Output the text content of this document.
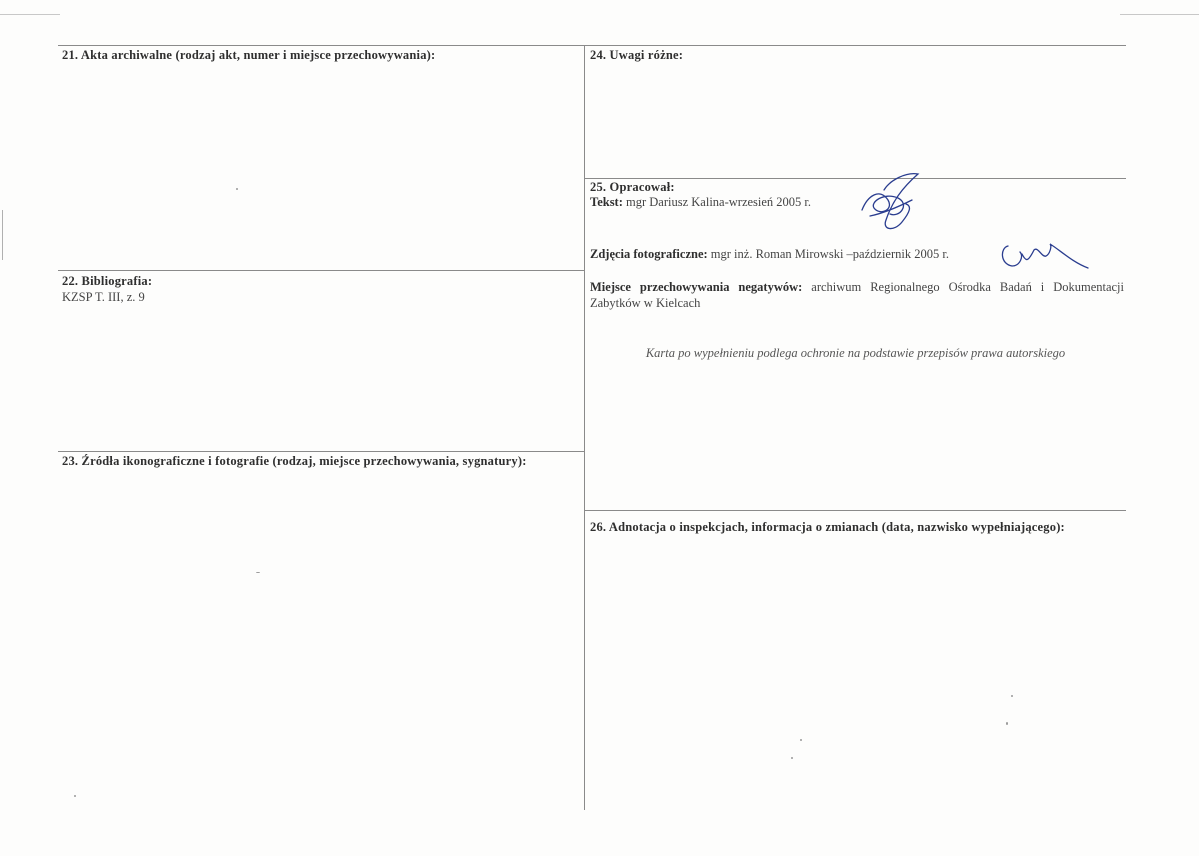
21. Akta archiwalne (rodzaj akt, numer i miejsce przechowywania):
22. Bibliografia:
KZSP T. III, z. 9
23. Źródła ikonograficzne i fotografie (rodzaj, miejsce przechowywania, sygnatury):
24. Uwagi różne:
25. Opracował:
Tekst: mgr Dariusz Kalina-wrzesień 2005 r.
Zdjęcia fotograficzne: mgr inż. Roman Mirowski –październik 2005 r.
Miejsce przechowywania negatywów: archiwum Regionalnego Ośrodka Badań i Dokumentacji Zabytków w Kielcach
Karta po wypełnieniu podlega ochronie na podstawie przepisów prawa autorskiego
26. Adnotacja o inspekcjach, informacja o zmianach (data, nazwisko wypełniającego):
